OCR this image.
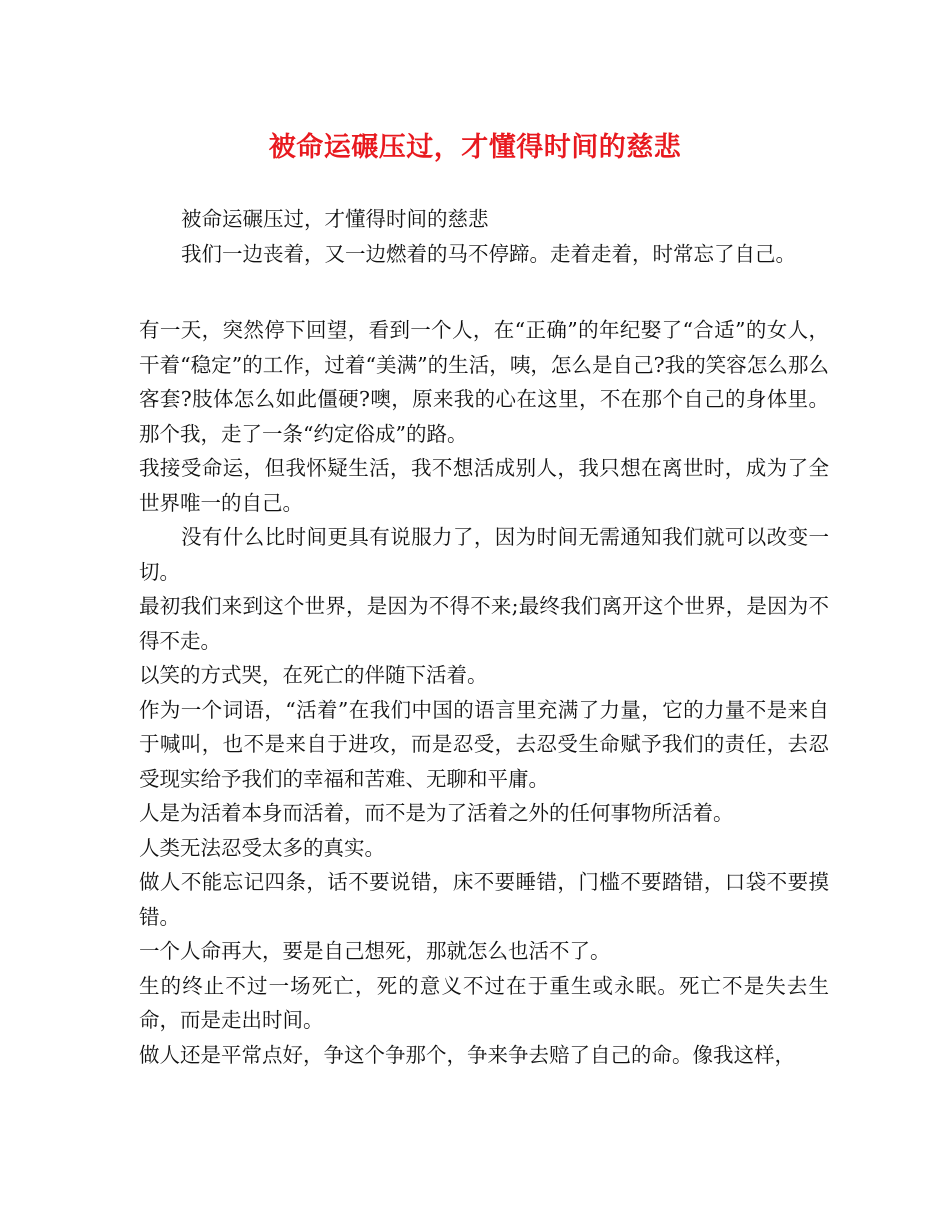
被命运碾压过，才懂得时间的慈悲

被命运碾压过，才懂得时间的慈悲

我们一边丧着，又一边燃着的马不停蹄。走着走着，时常忘了自己。

有一天，突然停下回望，看到一个人，在“正确”的年纪娶了“合适”的女人，干着“稳定”的工作，过着“美满”的生活，咦，怎么是自己?我的笑容怎么那么客套?肢体怎么如此僵硬?噢，原来我的心在这里，不在那个自己的身体里。那个我，走了一条“约定俗成”的路。

我接受命运，但我怀疑生活，我不想活成别人，我只想在离世时，成为了全世界唯一的自己。

没有什么比时间更具有说服力了，因为时间无需通知我们就可以改变一切。

最初我们来到这个世界，是因为不得不来;最终我们离开这个世界，是因为不得不走。

以笑的方式哭，在死亡的伴随下活着。

作为一个词语，“活着”在我们中国的语言里充满了力量，它的力量不是来自于喊叫，也不是来自于进攻，而是忍受，去忍受生命赋予我们的责任，去忍受现实给予我们的幸福和苦难、无聊和平庸。

人是为活着本身而活着，而不是为了活着之外的任何事物所活着。

人类无法忍受太多的真实。

做人不能忘记四条，话不要说错，床不要睡错，门槛不要踏错，口袋不要摸错。

一个人命再大，要是自己想死，那就怎么也活不了。

生的终止不过一场死亡，死的意义不过在于重生或永眠。死亡不是失去生命，而是走出时间。

做人还是平常点好，争这个争那个，争来争去赔了自己的命。像我这样，
